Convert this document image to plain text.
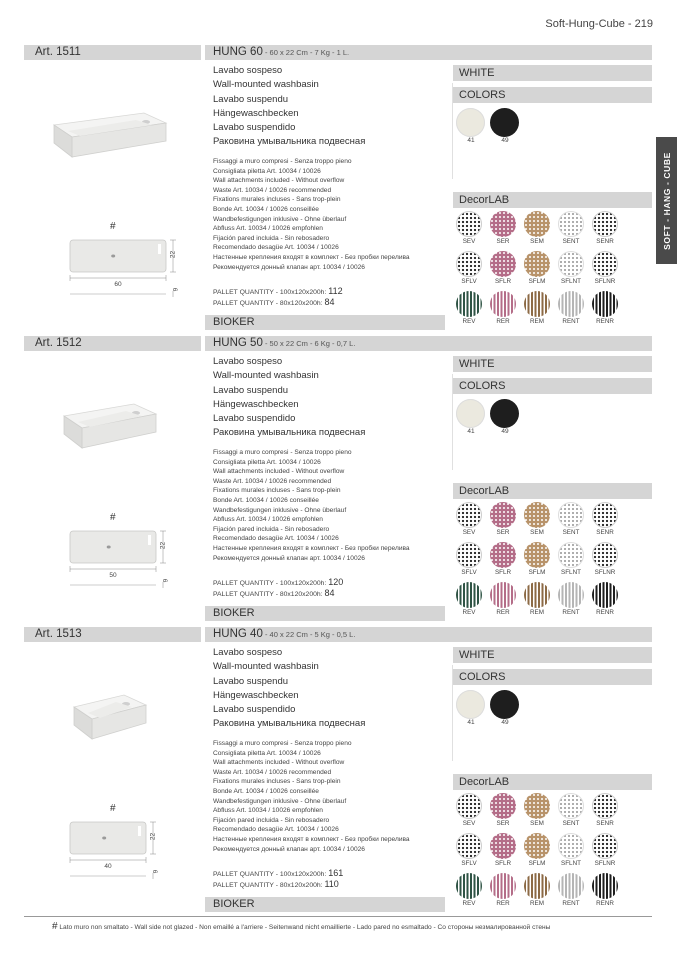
Soft-Hung-Cube - 219
SOFT - HANG - CUBE
Art. 1511	HUNG 60 - 60 x 22 Cm - 7 Kg - 1 L.
Lavabo sospeso
Wall-mounted washbasin
Lavabo suspendu
Hängewaschbecken
Lavabo suspendido
Раковина умывальника подвесная
Fissaggi a muro compresi - Senza troppo pieno
Consigliata piletta Art. 10034 / 10026
Wall attachments included - Without overflow
Waste Art. 10034 / 10026 recommended
Fixations murales incluses - Sans trop-plein
Bonde Art. 10034 / 10026 conseillée
Wandbefestigungen inklusive - Ohne überlauf
Abfluss Art. 10034 / 10026 empfohlen
Fijación pared incluida - Sin rebosadero
Recomendado desagüe Art. 10034 / 10026
Настенные крепления входят в комплект - Без пробки перелива
Рекомендуется донный клапан арт. 10034 / 10026
PALLET QUANTITY - 100x120x200h: 112
PALLET QUANTITY - 80x120x200h: 84
BIOKER
WHITE
COLORS
41	49
DecorLAB
SEV	SER	SEM	SENT	SENR
SFLV	SFLR	SFLM	SFLNT	SFLNR
REV	RER	REM	RENT	RENR
#
60
22
9
Art. 1512	HUNG 50 - 50 x 22 Cm - 6 Kg - 0,7 L.
Lavabo sospeso
Wall-mounted washbasin
Lavabo suspendu
Hängewaschbecken
Lavabo suspendido
Раковина умывальника подвесная
Fissaggi a muro compresi - Senza troppo pieno
Consigliata piletta Art. 10034 / 10026
Wall attachments included - Without overflow
Waste Art. 10034 / 10026 recommended
Fixations murales incluses - Sans trop-plein
Bonde Art. 10034 / 10026 conseillée
Wandbefestigungen inklusive - Ohne überlauf
Abfluss Art. 10034 / 10026 empfohlen
Fijación pared incluida - Sin rebosadero
Recomendado desagüe Art. 10034 / 10026
Настенные крепления входят в комплект - Без пробки перелива
Рекомендуется донный клапан арт. 10034 / 10026
PALLET QUANTITY - 100x120x200h: 120
PALLET QUANTITY - 80x120x200h: 84
BIOKER
WHITE
COLORS
41	49
DecorLAB
SEV	SER	SEM	SENT	SENR
SFLV	SFLR	SFLM	SFLNT	SFLNR
REV	RER	REM	RENT	RENR
#
50
22
9
Art. 1513	HUNG 40 - 40 x 22 Cm - 5 Kg - 0,5 L.
Lavabo sospeso
Wall-mounted washbasin
Lavabo suspendu
Hängewaschbecken
Lavabo suspendido
Раковина умывальника подвесная
Fissaggi a muro compresi - Senza troppo pieno
Consigliata piletta Art. 10034 / 10026
Wall attachments included - Without overflow
Waste Art. 10034 / 10026 recommended
Fixations murales incluses - Sans trop-plein
Bonde Art. 10034 / 10026 conseillée
Wandbefestigungen inklusive - Ohne überlauf
Abfluss Art. 10034 / 10026 empfohlen
Fijación pared incluida - Sin rebosadero
Recomendado desagüe Art. 10034 / 10026
Настенные крепления входят в комплект - Без пробки перелива
Рекомендуется донный клапан арт. 10034 / 10026
PALLET QUANTITY - 100x120x200h: 161
PALLET QUANTITY - 80x120x200h: 110
BIOKER
WHITE
COLORS
41	49
DecorLAB
SEV	SER	SEM	SENT	SENR
SFLV	SFLR	SFLM	SFLNT	SFLNR
REV	RER	REM	RENT	RENR
#
40
22
9
# Lato muro non smaltato - Wall side not glazed - Non emaillé a l'arriere - Seitenwand nicht emaillierte - Lado pared no esmaltado - Со стороны незмалированной стены
